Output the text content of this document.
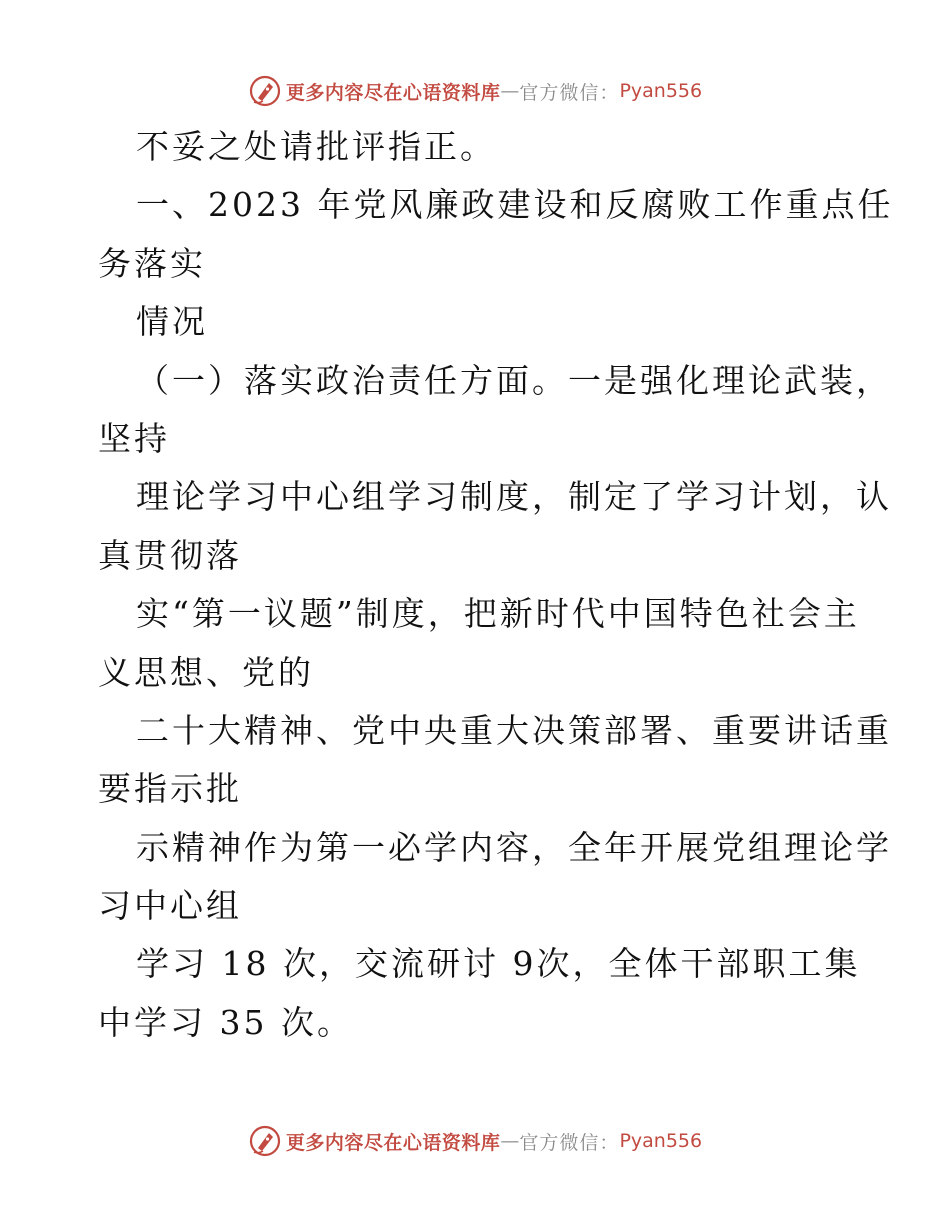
更多内容尽在心语资料库 — 官方微信： Pyan556
不妥之处请批评指正。
一、2023 年党风廉政建设和反腐败工作重点任
务落实
情况
（一）落实政治责任方面。一是强化理论武装，
坚持
理论学习中心组学习制度，制定了学习计划，认
真贯彻落
实“第一议题”制度，把新时代中国特色社会主
义思想、党的
二十大精神、党中央重大决策部署、重要讲话重
要指示批
示精神作为第一必学内容，全年开展党组理论学
习中心组
学习 18 次，交流研讨 9次，全体干部职工集
中学习 35 次。
更多内容尽在心语资料库 — 官方微信： Pyan556
